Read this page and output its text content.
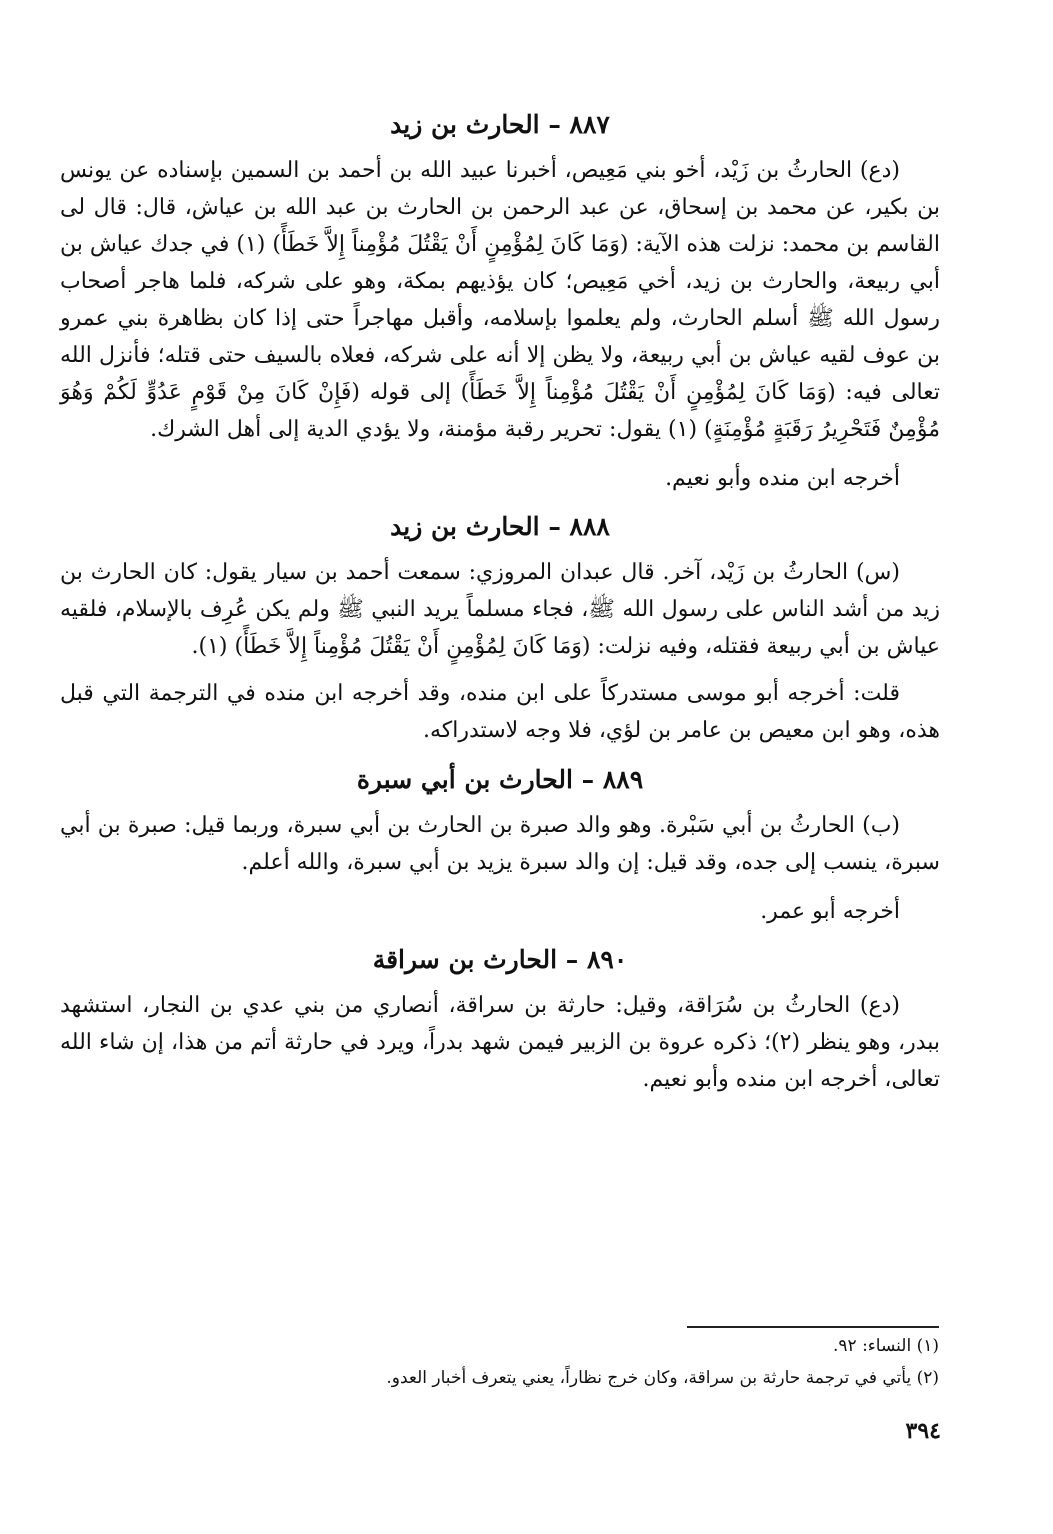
٨٨٧ – الحارث بن زيد

(دع) الحارثُ بن زَيْد، أخو بني مَعِيص، أخبرنا عبيد الله بن أحمد بن السمين بإسناده عن يونس بن بكير، عن محمد بن إسحاق، عن عبد الرحمن بن الحارث بن عبد الله بن عياش، قال: قال لى القاسم بن محمد: نزلت هذه الآية: (وَمَا كَانَ لِمُؤْمِنٍ أَنْ يَقْتُلَ مُؤْمِناً إِلاَّ خَطَأً) (١) في جدك عياش بن أبي ربيعة، والحارث بن زيد، أخي مَعِيص؛ كان يؤذيهم بمكة، وهو على شركه، فلما هاجر أصحاب رسول الله ﷺ أسلم الحارث، ولم يعلموا بإسلامه، وأقبل مهاجراً حتى إذا كان بظاهرة بني عمرو بن عوف لقيه عياش بن أبي ربيعة، ولا يظن إلا أنه على شركه، فعلاه بالسيف حتى قتله؛ فأنزل الله تعالى فيه: (وَمَا كَانَ لِمُؤْمِنٍ أَنْ يَقْتُلَ مُؤْمِناً إِلاَّ خَطَأً) إلى قوله (فَإِنْ كَانَ مِنْ قَوْمٍ عَدُوٍّ لَكُمْ وَهُوَ مُؤْمِنٌ فَتَحْرِيرُ رَقَبَةٍ مُؤْمِنَةٍ) (١) يقول: تحرير رقبة مؤمنة، ولا يؤدي الدية إلى أهل الشرك.

أخرجه ابن منده وأبو نعيم.

٨٨٨ – الحارث بن زيد

(س) الحارثُ بن زَيْد، آخر. قال عبدان المروزي: سمعت أحمد بن سيار يقول: كان الحارث بن زيد من أشد الناس على رسول الله ﷺ، فجاء مسلماً يريد النبي ﷺ ولم يكن عُرِف بالإسلام، فلقيه عياش بن أبي ربيعة فقتله، وفيه نزلت: (وَمَا كَانَ لِمُؤْمِنٍ أَنْ يَقْتُلَ مُؤْمِناً إِلاَّ خَطَأً) (١).

قلت: أخرجه أبو موسى مستدركاً على ابن منده، وقد أخرجه ابن منده في الترجمة التي قبل هذه، وهو ابن معيص بن عامر بن لؤي، فلا وجه لاستدراكه.

٨٨٩ – الحارث بن أبي سبرة

(ب) الحارثُ بن أبي سَبْرة. وهو والد صبرة بن الحارث بن أبي سبرة، وربما قيل: صبرة بن أبي سبرة، ينسب إلى جده، وقد قيل: إن والد سبرة يزيد بن أبي سبرة، والله أعلم.

أخرجه أبو عمر.

٨٩٠ – الحارث بن سراقة

(دع) الحارثُ بن سُرَاقة، وقيل: حارثة بن سراقة، أنصاري من بني عدي بن النجار، استشهد ببدر، وهو ينظر (٢)؛ ذكره عروة بن الزبير فيمن شهد بدراً، ويرد في حارثة أتم من هذا، إن شاء الله تعالى، أخرجه ابن منده وأبو نعيم.

(١) النساء: ٩٢.

(٢) يأتي في ترجمة حارثة بن سراقة، وكان خرج نظاراً، يعني يتعرف أخبار العدو.

٣٩٤
